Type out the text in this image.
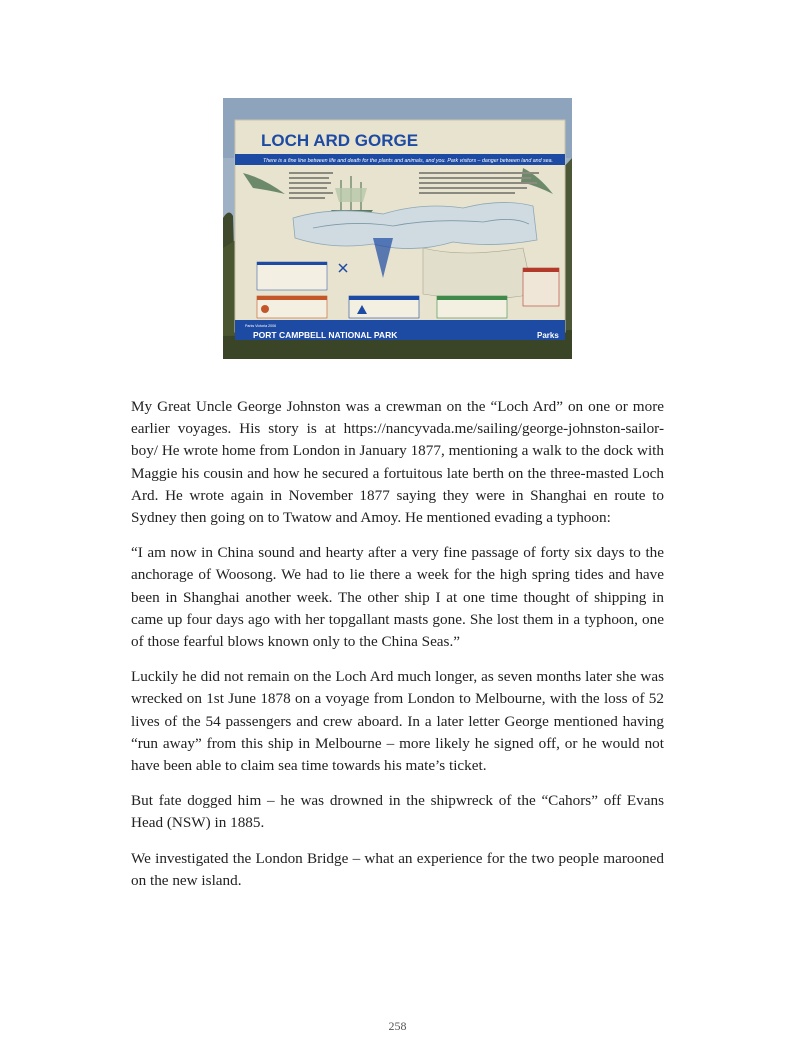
LOCH ARD GORGE
There is a fine line between life and death for the plants and animals, and you. Park visitors – danger between land and sea.
Parks Victoria 2006
PORT CAMPBELL NATIONAL PARK	Parks

My Great Uncle George Johnston was a crewman on the “Loch Ard” on one or more earlier voyages. His story is at https://nancyvada.me/sailing/george-johnston-sailor-boy/ He wrote home from London in January 1877, mentioning a walk to the dock with Maggie his cousin and how he secured a fortuitous late berth on the three-masted Loch Ard. He wrote again in November 1877 saying they were in Shanghai en route to Sydney then going on to Twatow and Amoy. He mentioned evading a typhoon:

“I am now in China sound and hearty after a very fine passage of forty six days to the anchorage of Woosong. We had to lie there a week for the high spring tides and have been in Shanghai another week. The other ship I at one time thought of shipping in came up four days ago with her topgallant masts gone. She lost them in a typhoon, one of those fearful blows known only to the China Seas.”

Luckily he did not remain on the Loch Ard much longer, as seven months later she was wrecked on 1st June 1878 on a voyage from London to Melbourne, with the loss of 52 lives of the 54 passengers and crew aboard. In a later letter George mentioned having “run away” from this ship in Melbourne – more likely he signed off, or he would not have been able to claim sea time towards his mate’s ticket.

But fate dogged him – he was drowned in the shipwreck of the “Cahors” off Evans Head (NSW) in 1885.

We investigated the London Bridge – what an experience for the two people marooned on the new island.

258
